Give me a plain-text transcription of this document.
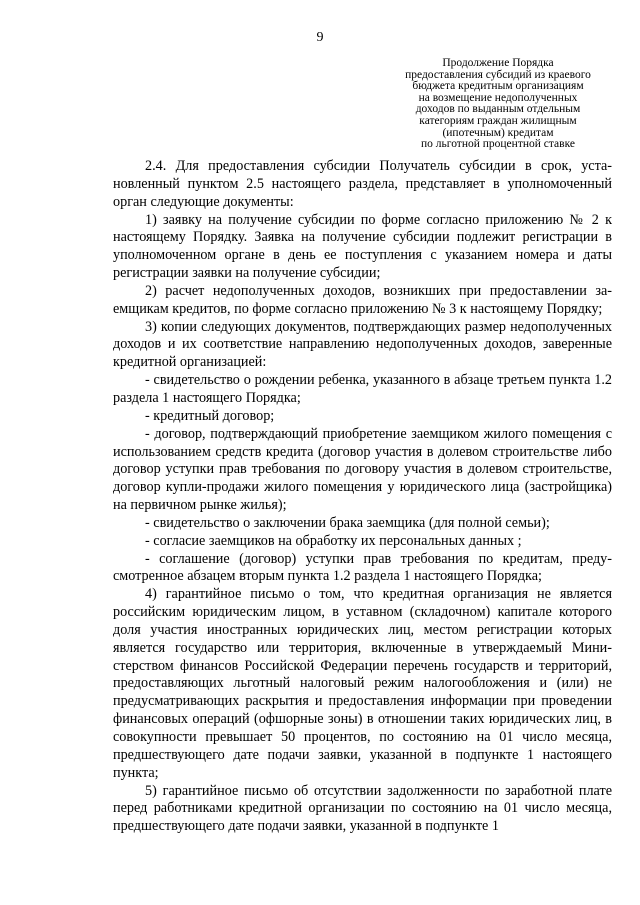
9
Продолжение Порядка
предоставления субсидий из краевого
бюджета кредитным организациям
на возмещение недополученных
доходов по выданным отдельным
категориям граждан жилищным
(ипотечным) кредитам
по льготной процентной ставке

2.4. Для предоставления субсидии Получатель субсидии в срок, установленный пунктом 2.5 настоящего раздела, представляет в уполномоченный орган следующие документы:

1) заявку на получение субсидии по форме согласно приложению № 2 к настоящему Порядку. Заявка на получение субсидии подлежит регистрации в уполномоченном органе в день ее поступления с указанием номера и даты регистрации заявки на получение субсидии;

2) расчет недополученных доходов, возникших при предоставлении заемщикам кредитов, по форме согласно приложению № 3 к настоящему Порядку;

3) копии следующих документов, подтверждающих размер недополученных доходов и их соответствие направлению недополученных доходов, заверенные кредитной организацией:

- свидетельство о рождении ребенка, указанного в абзаце третьем пункта 1.2 раздела 1 настоящего Порядка;

- кредитный договор;

- договор, подтверждающий приобретение заемщиком жилого помещения с использованием средств кредита (договор участия в долевом строительстве либо договор уступки прав требования по договору участия в долевом строительстве, договор купли-продажи жилого помещения у юридического лица (застройщика) на первичном рынке жилья);

- свидетельство о заключении брака заемщика (для полной семьи);

- согласие заемщиков на обработку их персональных данных ;

- соглашение (договор) уступки прав требования по кредитам, предусмотренное абзацем вторым пункта 1.2 раздела 1 настоящего Порядка;

4) гарантийное письмо о том, что кредитная организация не является российским юридическим лицом, в уставном (складочном) капитале которого доля участия иностранных юридических лиц, местом регистрации которых является государство или территория, включенные в утверждаемый Министерством финансов Российской Федерации перечень государств и территорий, предоставляющих льготный налоговый режим налогообложения и (или) не предусматривающих раскрытия и предоставления информации при проведении финансовых операций (офшорные зоны) в отношении таких юридических лиц, в совокупности превышает 50 процентов, по состоянию на 01 число месяца, предшествующего дате подачи заявки, указанной в подпункте 1 настоящего пункта;

5) гарантийное письмо об отсутствии задолженности по заработной плате перед работниками кредитной организации по состоянию на 01 число месяца, предшествующего дате подачи заявки, указанной в подпункте 1
